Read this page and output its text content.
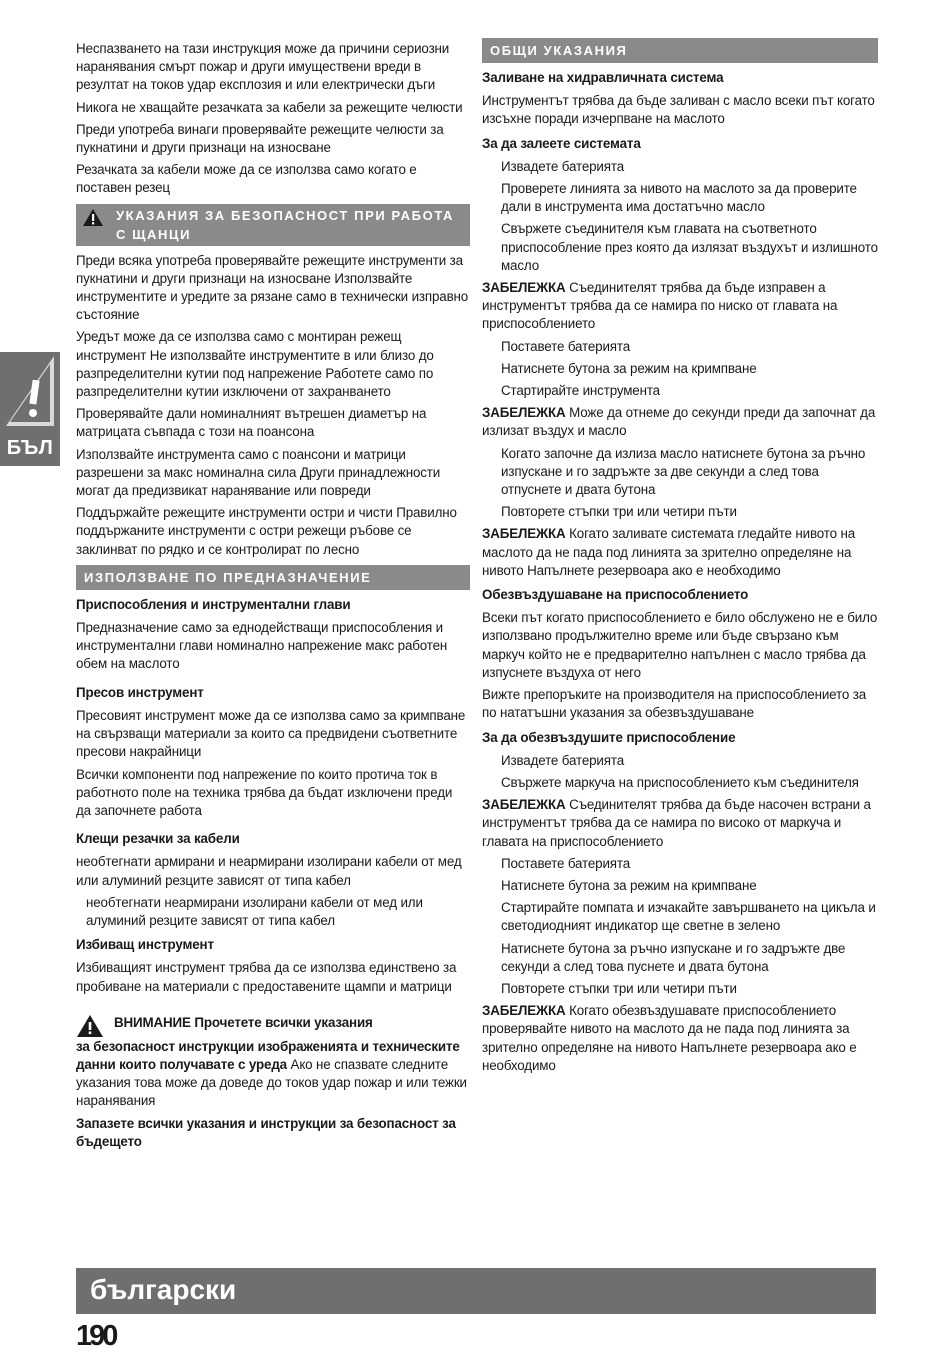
БЪЛ

Неспазването на тази инструкция може да причини сериозни наранявания смърт пожар и други имуществени вреди в резултат на токов удар експлозия и или електрически дъги

Никога не хващайте резачката за кабели за режещите челюсти

Преди употреба винаги проверявайте режещите челюсти за пукнатини и други признаци на износване

Резачката за кабели може да се използва само когато е поставен резец

УКАЗАНИЯ ЗА БЕЗОПАСНОСТ ПРИ РАБОТА С ЩАНЦИ

Преди всяка употреба проверявайте режещите инструменти за пукнатини и други признаци на износване Използвайте инструментите и уредите за рязане само в технически изправно състояние

Уредът може да се използва само с монтиран режещ инструмент Не използвайте инструментите в или близо до разпределителни кутии под напрежение Работете само по разпределителни кутии изключени от захранването

Проверявайте дали номиналният вътрешен диаметър на матрицата съвпада с този на поансона

Използвайте инструмента само с поансони и матрици разрешени за макс номинална сила Други принадлежности могат да предизвикат наранявание или повреди

Поддържайте режещите инструменти остри и чисти Правилно поддържаните инструменти с остри режещи ръбове се заклинват по рядко и се контролират по лесно

ИЗПОЛЗВАНЕ ПО ПРЕДНАЗНАЧЕНИЕ

Приспособления и инструментални глави

Предназначение само за еднодействащи приспособления и инструментални глави номинално напрежение макс работен обем на маслото

Пресов инструмент

Пресовият инструмент може да се използва само за кримпване на свързващи материали за които са предвидени съответните пресови накрайници

Всички компоненти под напрежение по които протича ток в работното поле на техника трябва да бъдат изключени преди да започнете работа

Клещи резачки за кабели

необтегнати армирани и неармирани изолирани кабели от мед или алуминий резците зависят от типа кабел

необтегнати неармирани изолирани кабели от мед или алуминий резците зависят от типа кабел

Избиващ инструмент

Избиващият инструмент трябва да се използва единствено за пробиване на материали с предоставените щампи и матрици

ВНИМАНИЕ Прочетете всички указания

за безопасност инструкции изображенията и техническите данни които получавате с уреда Ако не спазвате следните указания това може да доведе до токов удар пожар и или тежки наранявания

Запазете всички указания и инструкции за безопасност за бъдещето

ОБЩИ УКАЗАНИЯ

Заливане на хидравличната система

Инструментът трябва да бъде заливан с масло всеки път когато изсъхне поради изчерпване на маслото

За да залеете системата

Извадете батерията

Проверете линията за нивото на маслото за да проверите дали в инструмента има достатъчно масло

Свържете съединителя към главата на съответното приспособление през която да излязат въздухът и излишното масло

ЗАБЕЛЕЖКА Съединителят трябва да бъде изправен а инструментът трябва да се намира по ниско от главата на приспособлението

Поставете батерията

Натиснете бутона за режим на кримпване

Стартирайте инструмента

ЗАБЕЛЕЖКА Може да отнеме до секунди преди да започнат да излизат въздух и масло

Когато започне да излиза масло натиснете бутона за ръчно изпускане и го задръжте за две секунди а след това отпуснете и двата бутона

Повторете стъпки три или четири пъти

ЗАБЕЛЕЖКА Когато заливате системата гледайте нивото на маслото да не пада под линията за зрително определяне на нивото Напълнете резервоара ако е необходимо

Обезвъздушаване на приспособлението

Всеки път когато приспособлението е било обслужено не е било използвано продължително време или бъде свързано към маркуч който не е предварително напълнен с масло трябва да изпуснете въздуха от него

Вижте препоръките на производителя на приспособлението за по нататъшни указания за обезвъздушаване

За да обезвъздушите приспособление

Извадете батерията

Свържете маркуча на приспособлението към съединителя

ЗАБЕЛЕЖКА Съединителят трябва да бъде насочен встрани а инструментът трябва да се намира по високо от маркуча и главата на приспособлението

Поставете батерията

Натиснете бутона за режим на кримпване

Стартирайте помпата и изчакайте завършването на цикъла и светодиодният индикатор ще светне в зелено

Натиснете бутона за ръчно изпускане и го задръжте две секунди а след това пуснете и двата бутона

Повторете стъпки три или четири пъти

ЗАБЕЛЕЖКА Когато обезвъздушавате приспособлението проверявайте нивото на маслото да не пада под линията за зрително определяне на нивото Напълнете резервоара ако е необходимо

български
190
